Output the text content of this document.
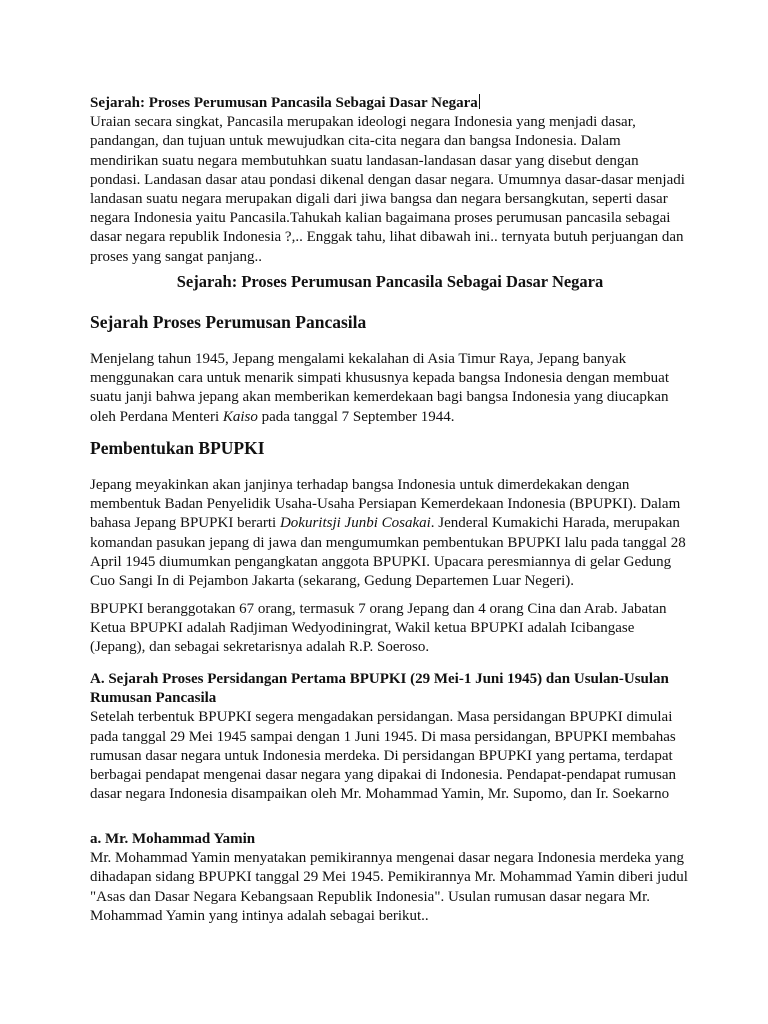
Sejarah: Proses Perumusan Pancasila Sebagai Dasar Negara
Uraian secara singkat, Pancasila merupakan ideologi negara Indonesia yang menjadi dasar, pandangan, dan tujuan untuk mewujudkan cita-cita negara dan bangsa Indonesia. Dalam mendirikan suatu negara membutuhkan suatu landasan-landasan dasar yang disebut dengan pondasi. Landasan dasar atau pondasi dikenal dengan dasar negara. Umumnya dasar-dasar menjadi landasan suatu negara merupakan digali dari jiwa bangsa dan negara bersangkutan, seperti dasar negara Indonesia yaitu Pancasila.Tahukah kalian bagaimana proses perumusan pancasila sebagai dasar negara republik Indonesia ?,.. Enggak tahu, lihat dibawah ini.. ternyata butuh perjuangan dan proses yang sangat panjang..

Sejarah: Proses Perumusan Pancasila Sebagai Dasar Negara
Sejarah Proses Perumusan Pancasila

Menjelang tahun 1945, Jepang mengalami kekalahan di Asia Timur Raya, Jepang banyak menggunakan cara untuk menarik simpati khususnya kepada bangsa Indonesia dengan membuat suatu janji bahwa jepang akan memberikan kemerdekaan bagi bangsa Indonesia yang diucapkan oleh Perdana Menteri Kaiso pada tanggal 7 September 1944.

Pembentukan BPUPKI

Jepang meyakinkan akan janjinya terhadap bangsa Indonesia untuk dimerdekakan dengan membentuk Badan Penyelidik Usaha-Usaha Persiapan Kemerdekaan Indonesia (BPUPKI). Dalam bahasa Jepang BPUPKI berarti Dokuritsji Junbi Cosakai. Jenderal Kumakichi Harada, merupakan komandan pasukan jepang di jawa dan mengumumkan pembentukan BPUPKI lalu pada tanggal 28 April 1945 diumumkan pengangkatan anggota BPUPKI. Upacara peresmiannya di gelar Gedung Cuo Sangi In di Pejambon Jakarta (sekarang, Gedung Departemen Luar Negeri).

BPUPKI beranggotakan 67 orang, termasuk 7 orang Jepang dan 4 orang Cina dan Arab. Jabatan Ketua BPUPKI adalah Radjiman Wedyodiningrat, Wakil ketua BPUPKI adalah Icibangase (Jepang), dan sebagai sekretarisnya adalah R.P. Soeroso.

A. Sejarah Proses Persidangan Pertama BPUPKI (29 Mei-1 Juni 1945) dan Usulan-Usulan Rumusan Pancasila

Setelah terbentuk BPUPKI segera mengadakan persidangan. Masa persidangan BPUPKI dimulai pada tanggal 29 Mei 1945 sampai dengan 1 Juni 1945. Di masa persidangan, BPUPKI membahas rumusan dasar negara untuk Indonesia merdeka. Di persidangan BPUPKI yang pertama, terdapat berbagai pendapat mengenai dasar negara yang dipakai di Indonesia. Pendapat-pendapat rumusan dasar negara Indonesia disampaikan oleh Mr. Mohammad Yamin, Mr. Supomo, dan Ir. Soekarno

a. Mr. Mohammad Yamin

Mr. Mohammad Yamin menyatakan pemikirannya mengenai dasar negara Indonesia merdeka yang dihadapan sidang BPUPKI tanggal 29 Mei 1945. Pemikirannya Mr. Mohammad Yamin diberi judul "Asas dan Dasar Negara Kebangsaan Republik Indonesia". Usulan rumusan dasar negara Mr. Mohammad Yamin yang intinya adalah sebagai berikut..
